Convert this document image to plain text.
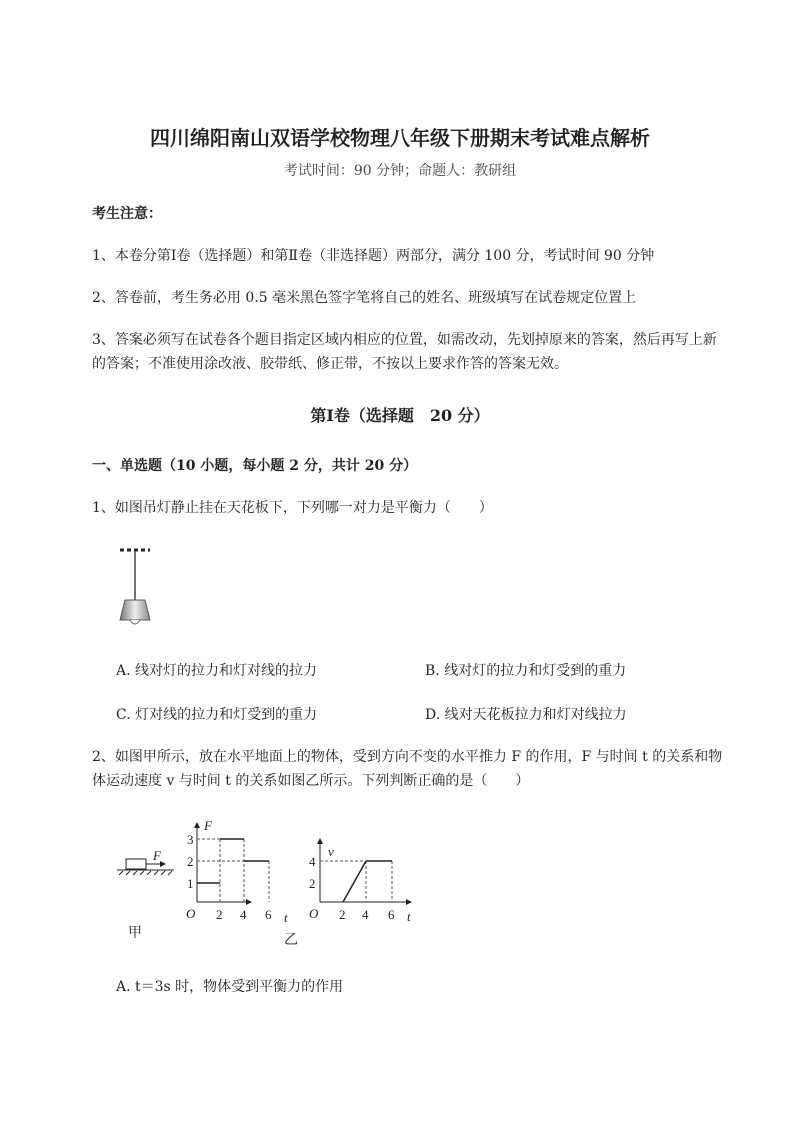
四川绵阳南山双语学校物理八年级下册期末考试难点解析
考试时间：90 分钟；命题人：教研组
考生注意：
1、本卷分第Ⅰ卷（选择题）和第Ⅱ卷（非选择题）两部分，满分 100 分，考试时间 90 分钟
2、答卷前，考生务必用 0.5 毫米黑色签字笔将自己的姓名、班级填写在试卷规定位置上
3、答案必须写在试卷各个题目指定区域内相应的位置，如需改动，先划掉原来的答案，然后再写上新
的答案；不准使用涂改液、胶带纸、修正带，不按以上要求作答的答案无效。
第Ⅰ卷（选择题　20 分）
一、单选题（10 小题，每小题 2 分，共计 20 分）
1、如图吊灯静止挂在天花板下，下列哪一对力是平衡力（　　）
A. 线对灯的拉力和灯对线的拉力	B. 线对灯的拉力和灯受到的重力
C. 灯对线的拉力和灯受到的重力	D. 线对天花板拉力和灯对线拉力
2、如图甲所示，放在水平地面上的物体，受到方向不变的水平推力 F 的作用，F 与时间 t 的关系和物
体运动速度 v 与时间 t 的关系如图乙所示。下列判断正确的是（　　）
F
甲
F
1
2
3
O 2 4 6 t
乙
v
2
4
O 2 4 6 t
A. t＝3s 时，物体受到平衡力的作用
